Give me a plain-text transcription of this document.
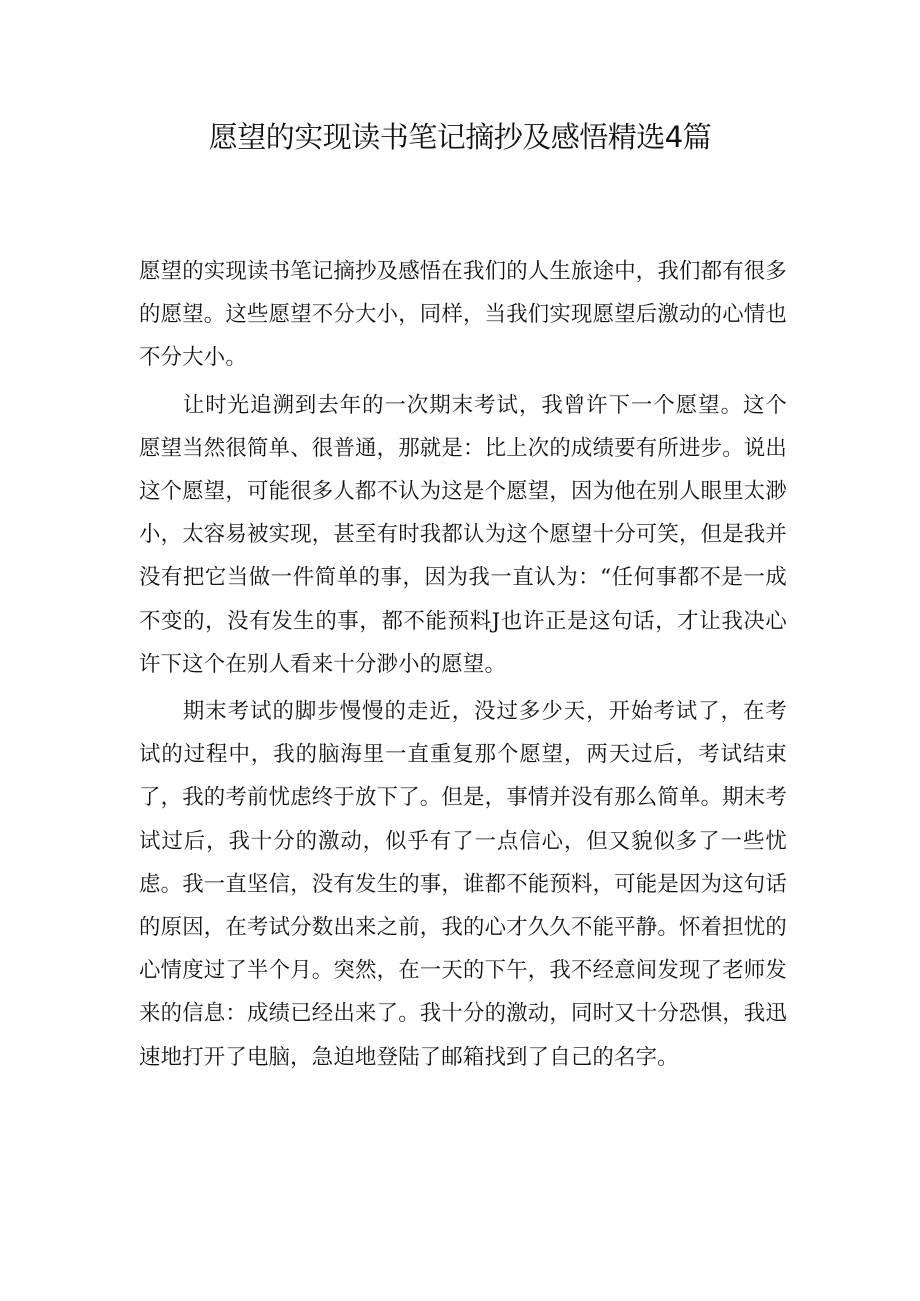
愿望的实现读书笔记摘抄及感悟精选4篇

愿望的实现读书笔记摘抄及感悟在我们的人生旅途中，我们都有很多的愿望。这些愿望不分大小，同样，当我们实现愿望后激动的心情也不分大小。

让时光追溯到去年的一次期末考试，我曾许下一个愿望。这个愿望当然很简单、很普通，那就是：比上次的成绩要有所进步。说出这个愿望，可能很多人都不认为这是个愿望，因为他在别人眼里太渺小，太容易被实现，甚至有时我都认为这个愿望十分可笑，但是我并没有把它当做一件简单的事，因为我一直认为：“任何事都不是一成不变的，没有发生的事，都不能预料J也许正是这句话，才让我决心许下这个在别人看来十分渺小的愿望。

期末考试的脚步慢慢的走近，没过多少天，开始考试了，在考试的过程中，我的脑海里一直重复那个愿望，两天过后，考试结束了，我的考前忧虑终于放下了。但是，事情并没有那么简单。期末考试过后，我十分的激动，似乎有了一点信心，但又貌似多了一些忧虑。我一直坚信，没有发生的事，谁都不能预料，可能是因为这句话的原因，在考试分数出来之前，我的心才久久不能平静。怀着担忧的心情度过了半个月。突然，在一天的下午，我不经意间发现了老师发来的信息：成绩已经出来了。我十分的激动，同时又十分恐惧，我迅速地打开了电脑，急迫地登陆了邮箱找到了自己的名字。
